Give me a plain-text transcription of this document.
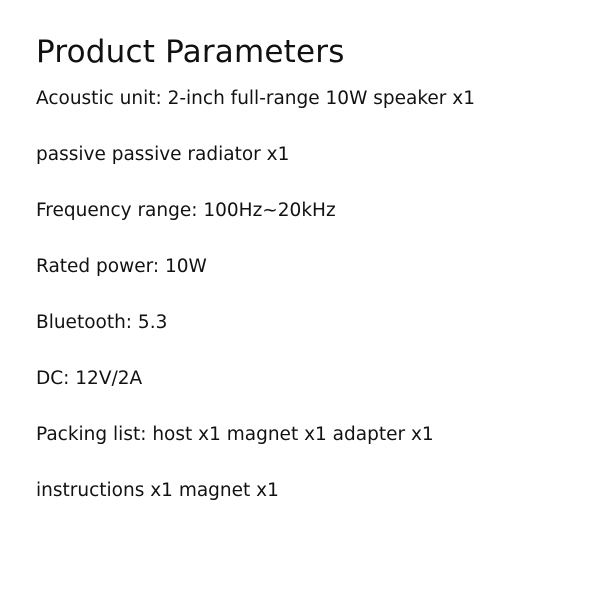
Product Parameters
Acoustic unit: 2-inch full-range 10W speaker x1
passive passive radiator x1
Frequency range: 100Hz~20kHz
Rated power: 10W
Bluetooth: 5.3
DC: 12V/2A
Packing list: host x1 magnet x1 adapter x1
instructions x1 magnet x1
